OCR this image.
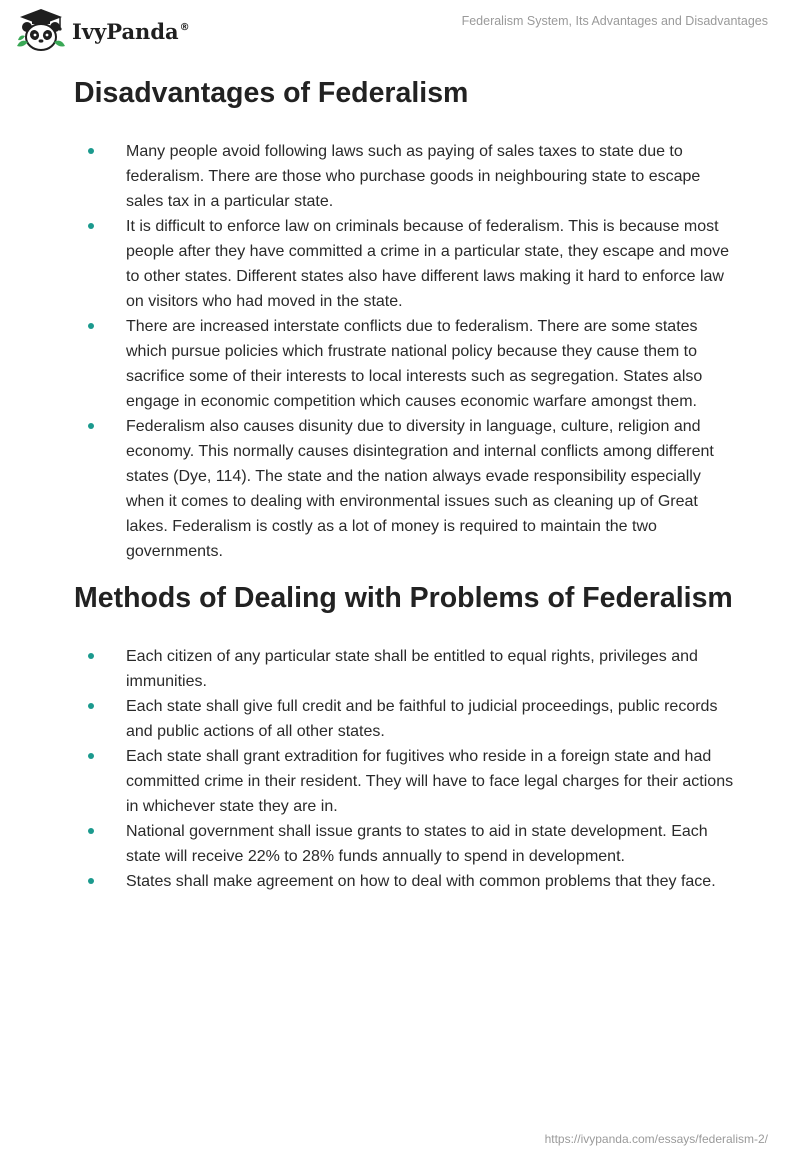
IvyPanda®	Federalism System, Its Advantages and Disadvantages
Disadvantages of Federalism
Many people avoid following laws such as paying of sales taxes to state due to federalism. There are those who purchase goods in neighbouring state to escape sales tax in a particular state.
It is difficult to enforce law on criminals because of federalism. This is because most people after they have committed a crime in a particular state, they escape and move to other states. Different states also have different laws making it hard to enforce law on visitors who had moved in the state.
There are increased interstate conflicts due to federalism. There are some states which pursue policies which frustrate national policy because they cause them to sacrifice some of their interests to local interests such as segregation. States also engage in economic competition which causes economic warfare amongst them.
Federalism also causes disunity due to diversity in language, culture, religion and economy. This normally causes disintegration and internal conflicts among different states (Dye, 114). The state and the nation always evade responsibility especially when it comes to dealing with environmental issues such as cleaning up of Great lakes. Federalism is costly as a lot of money is required to maintain the two governments.
Methods of Dealing with Problems of Federalism
Each citizen of any particular state shall be entitled to equal rights, privileges and immunities.
Each state shall give full credit and be faithful to judicial proceedings, public records and public actions of all other states.
Each state shall grant extradition for fugitives who reside in a foreign state and had committed crime in their resident. They will have to face legal charges for their actions in whichever state they are in.
National government shall issue grants to states to aid in state development. Each state will receive 22% to 28% funds annually to spend in development.
States shall make agreement on how to deal with common problems that they face.
https://ivypanda.com/essays/federalism-2/
